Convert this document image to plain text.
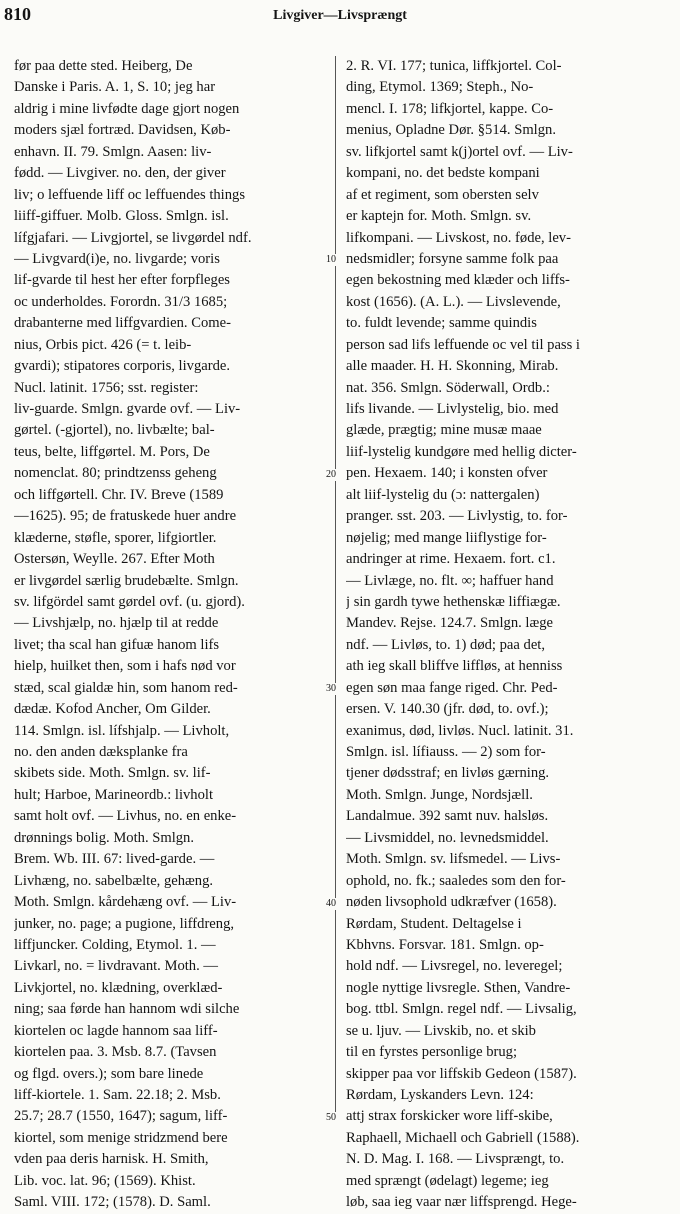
810	Livgiver—Livsprængt
før paa dette sted. Heiberg, De
Danske i Paris. A. 1, S. 10; jeg har
aldrig i mine livfødte dage gjort nogen
moders sjæl fortræd. Davidsen, Køb-
enhavn. II. 79. Smlgn. Aasen: liv-
fødd. — Livgiver. no. den, der giver
liv; o leffuende liff oc leffuendes things
liiff-giffuer. Molb. Gloss. Smlgn. isl.
lífgjafari. — Livgjortel, se livgørdel ndf.
— Livgvard(i)e, no. livgarde; voris
lif-gvarde til hest her efter forpfleges
oc underholdes. Forordn. 31/3 1685;
drabanterne med liffgvardien. Come-
nius, Orbis pict. 426 (= t. leib-
gvardi); stipatores corporis, livgarde.
Nucl. latinit. 1756; sst. register:
liv-guarde. Smlgn. gvarde ovf. — Liv-
gørtel. (-gjortel), no. livbælte; bal-
teus, belte, liffgørtel. M. Pors, De
nomenclat. 80; prindtzenss geheng
och liffgørtell. Chr. IV. Breve (1589
—1625). 95; de fratuskede huer andre
klæderne, støfle, sporer, lifgiortler.
Ostersøn, Weylle. 267. Efter Moth
er livgørdel særlig brudebælte. Smlgn.
sv. lifgördel samt gørdel ovf. (u. gjord).
— Livshjælp, no. hjælp til at redde
livet; tha scal han gifuæ hanom lifs
hielp, huilket then, som i hafs nød vor
stæd, scal gialdæ hin, som hanom red-
dædæ. Kofod Ancher, Om Gilder.
114. Smlgn. isl. lífshjalp. — Livholt,
no. den anden dæksplanke fra
skibets side. Moth. Smlgn. sv. lif-
hult; Harboe, Marineordb.: livholt
samt holt ovf. — Livhus, no. en enke-
drønnings bolig. Moth. Smlgn.
Brem. Wb. III. 67: lived-garde. —
Livhæng, no. sabelbælte, gehæng.
Moth. Smlgn. kårdehæng ovf. — Liv-
junker, no. page; a pugione, liffdreng,
liffjuncker. Colding, Etymol. 1. —
Livkarl, no. = livdravant. Moth. —
Livkjortel, no. klædning, overklæd-
ning; saa førde han hannom wdi silche
kiortelen oc lagde hannom saa liff-
kiortelen paa. 3. Msb. 8.7. (Tavsen
og flgd. overs.); som bare linede
liff-kiortele. 1. Sam. 22.18; 2. Msb.
25.7; 28.7 (1550, 1647); sagum, liff-
kiortel, som menige stridzmend bere
vden paa deris harnisk. H. Smith,
Lib. voc. lat. 96; (1569). Khist.
Saml. VIII. 172; (1578). D. Saml.
10
20
30
40
50
2. R. VI. 177; tunica, liffkjortel. Col-
ding, Etymol. 1369; Steph., No-
mencl. I. 178; lifkjortel, kappe. Co-
menius, Opladne Dør. §514. Smlgn.
sv. lifkjortel samt k(j)ortel ovf. — Liv-
kompani, no. det bedste kompani
af et regiment, som obersten selv
er kaptejn for. Moth. Smlgn. sv.
lifkompani. — Livskost, no. føde, lev-
nedsmidler; forsyne samme folk paa
egen bekostning med klæder och liffs-
kost (1656). (A. L.). — Livslevende,
to. fuldt levende; samme quindis
person sad lifs leffuende oc vel til pass i
alle maader. H. H. Skonning, Mirab.
nat. 356. Smlgn. Söderwall, Ordb.:
lifs livande. — Livlystelig, bio. med
glæde, prægtig; mine musæ maae
liif-lystelig kundgøre med hellig dicter-
pen. Hexaem. 140; i konsten ofver
alt liif-lystelig du (ɔ: nattergalen)
pranger. sst. 203. — Livlystig, to. for-
nøjelig; med mange liiflystige for-
andringer at rime. Hexaem. fort. c1.
— Livlæge, no. flt. ∞; haffuer hand
j sin gardh tywe hethenskæ liffiægæ.
Mandev. Rejse. 124.7. Smlgn. læge
ndf. — Livløs, to. 1) død; paa det,
ath ieg skall bliffve liffløs, at henniss
egen søn maa fange riged. Chr. Ped-
ersen. V. 140.30 (jfr. død, to. ovf.);
exanimus, død, livløs. Nucl. latinit. 31.
Smlgn. isl. lífiauss. — 2) som for-
tjener dødsstraf; en livløs gærning.
Moth. Smlgn. Junge, Nordsjæll.
Landalmue. 392 samt nuv. halsløs.
— Livsmiddel, no. levnedsmiddel.
Moth. Smlgn. sv. lifsmedel. — Livs-
ophold, no. fk.; saaledes som den for-
nøden livsophold udkræfver (1658).
Rørdam, Student. Deltagelse i
Kbhvns. Forsvar. 181. Smlgn. op-
hold ndf. — Livsregel, no. leveregel;
nogle nyttige livsregle. Sthen, Vandre-
bog. ttbl. Smlgn. regel ndf. — Livsalig,
se u. ljuv. — Livskib, no. et skib
til en fyrstes personlige brug;
skipper paa vor liffskib Gedeon (1587).
Rørdam, Lyskanders Levn. 124:
attj strax forskicker wore liff-skibe,
Raphaell, Michaell och Gabriell (1588).
N. D. Mag. I. 168. — Livsprængt, to.
med sprængt (ødelagt) legeme; ieg
løb, saa ieg vaar nær liffsprengd. Hege-
